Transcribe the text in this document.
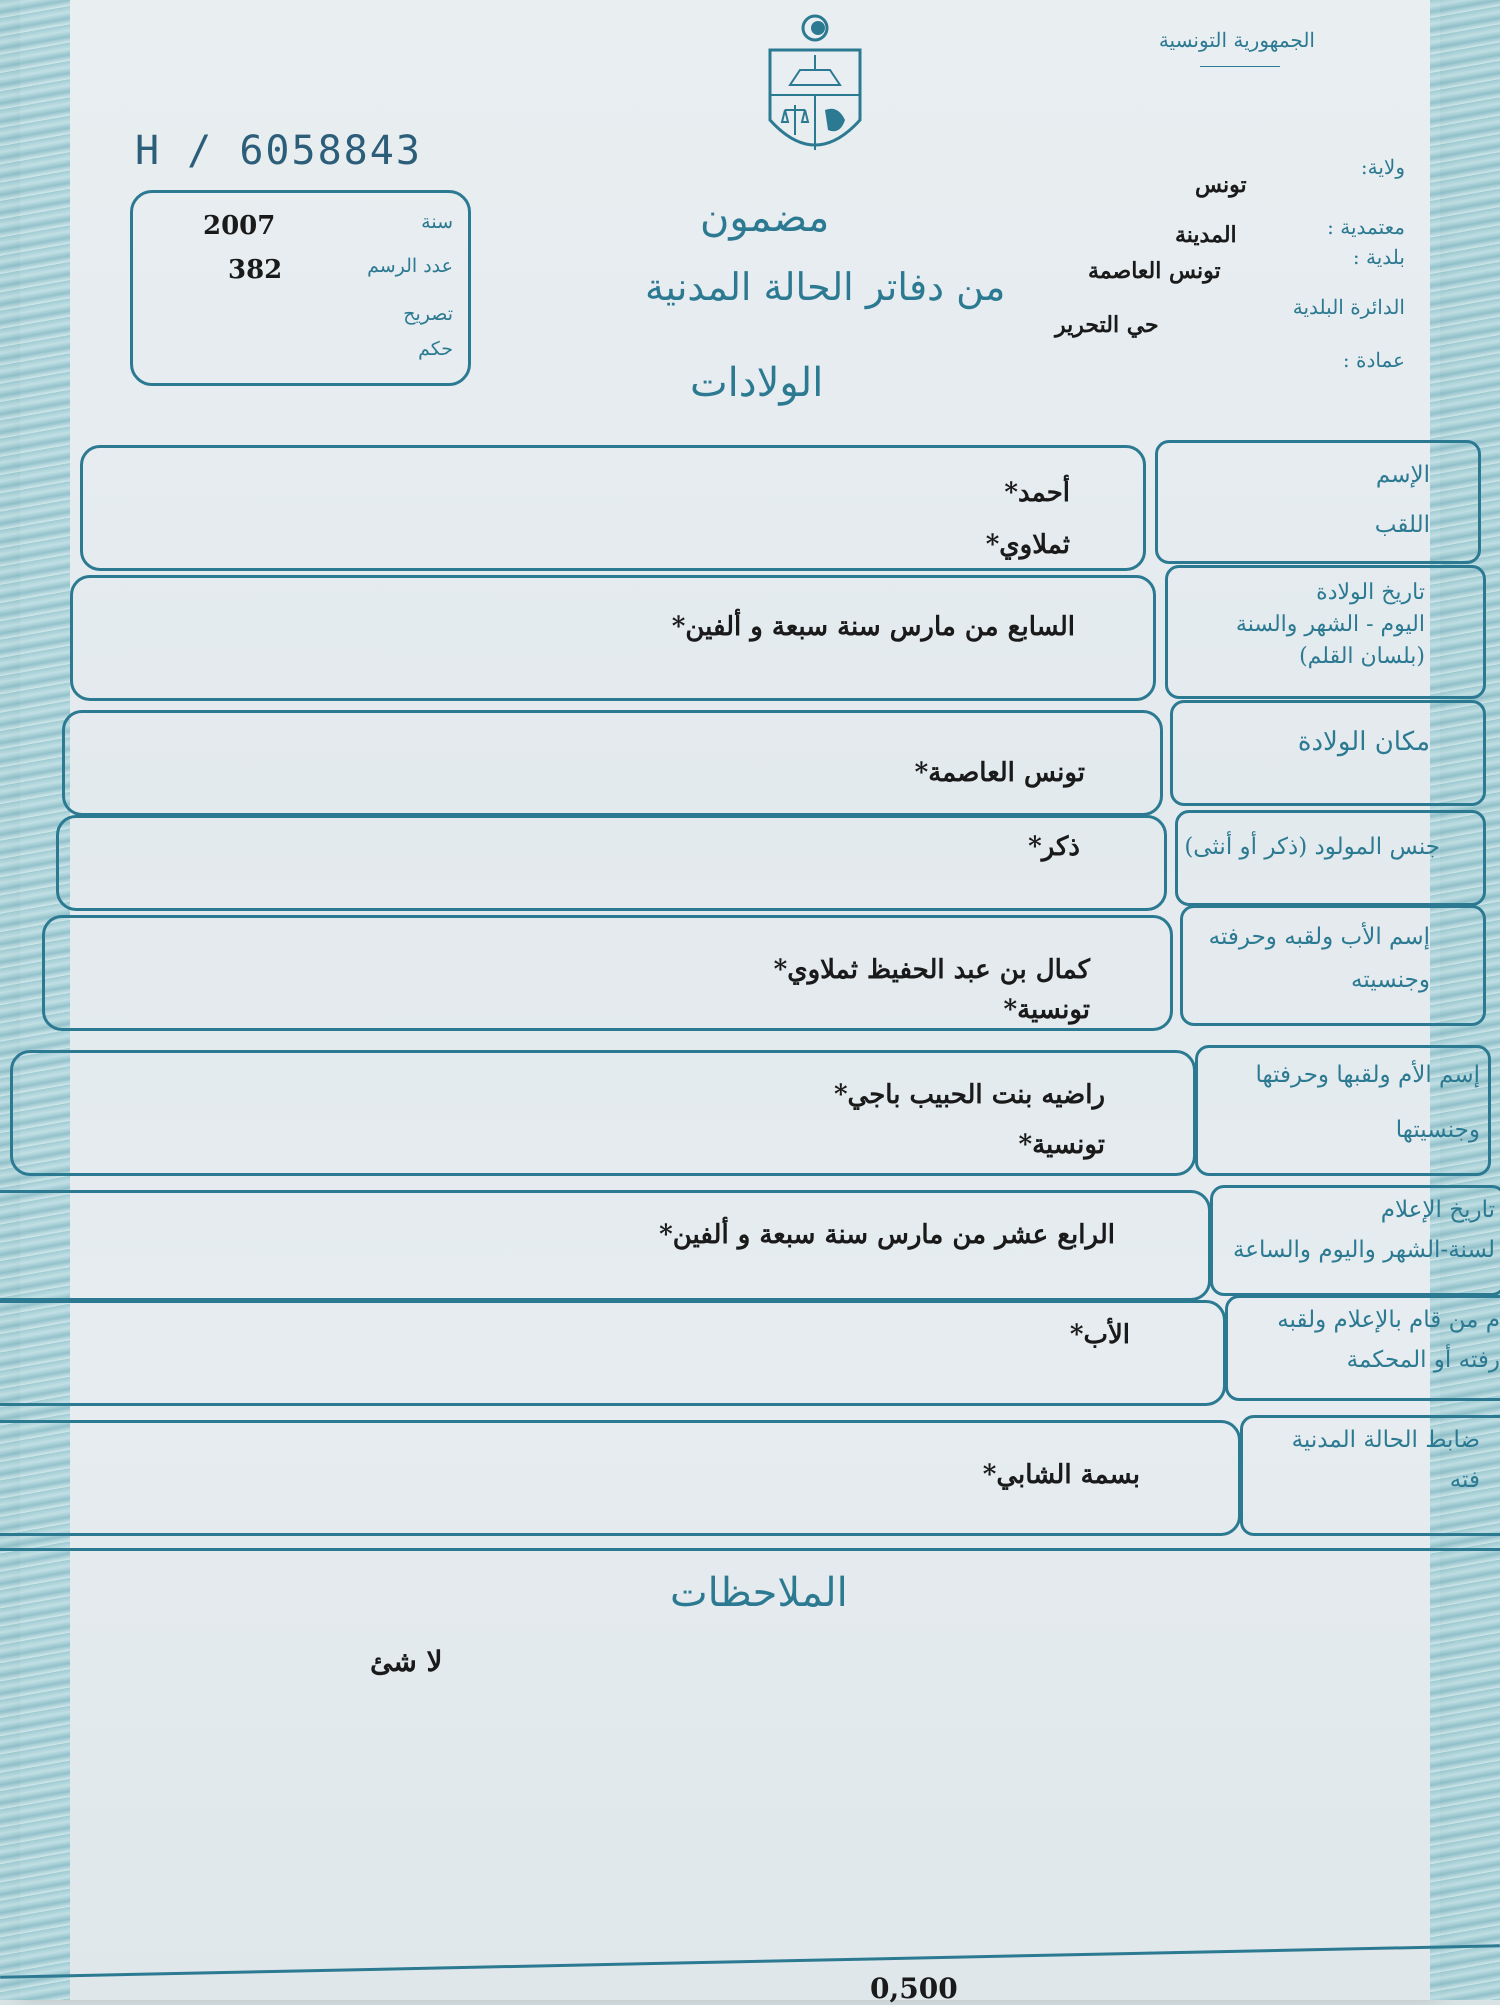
الجمهورية التونسية
H / 6058843
سنة
2007
عدد الرسم
382
تصريح
حكم
ولاية:
تونس
معتمدية :
المدينة
بلدية :
تونس العاصمة
الدائرة البلدية
حي التحرير
عمادة :
مضمون
من دفاتر الحالة المدنية
الولادات
الإسم
اللقب
أحمد*
ثملاوي*
تاريخ الولادة
اليوم - الشهر والسنة
(بلسان القلم)
السابع من مارس سنة سبعة و ألفين*
مكان الولادة
تونس العاصمة*
جنس المولود (ذكر أو أنثى)
ذكر*
إسم الأب ولقبه وحرفته
وجنسيته
كمال بن عبد الحفيظ ثملاوي*
تونسية*
إسم الأم ولقبها وحرفتها
وجنسيتها
راضيه بنت الحبيب باجي*
تونسية*
تاريخ الإعلام
لسنة-الشهر واليوم والساعة
الرابع عشر من مارس سنة سبعة و ألفين*
م من قام بالإعلام ولقبه
رفته أو المحكمة
الأب*
ضابط الحالة المدنية
فته
بسمة الشابي*
الملاحظات
لا شئ
0,500
